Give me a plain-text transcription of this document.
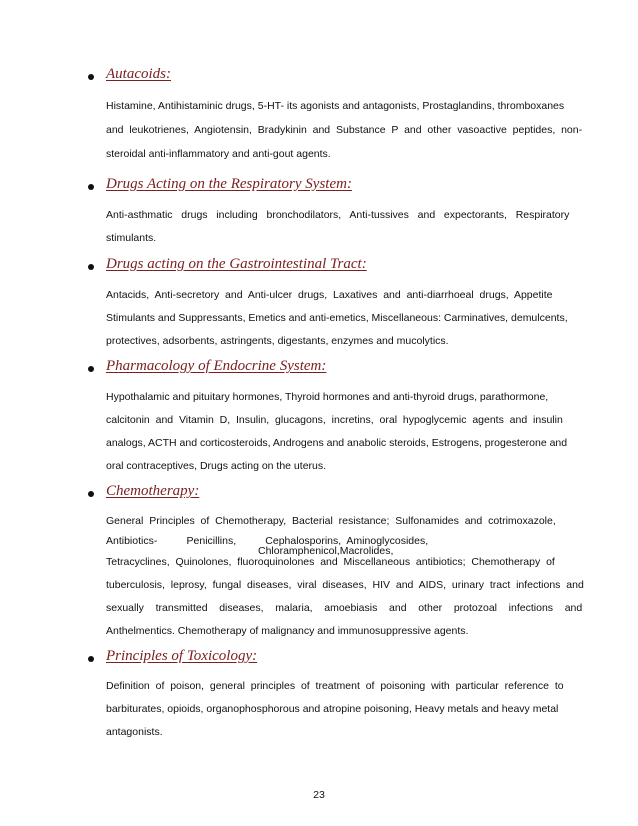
Autacoids:
Histamine, Antihistaminic drugs, 5-HT- its agonists and antagonists, Prostaglandins, thromboxanes
and  leukotrienes,  Angiotensin,  Bradykinin  and  Substance  P  and  other  vasoactive  peptides,  non-
steroidal anti-inflammatory and anti-gout agents.
Drugs Acting on the Respiratory System:
Anti-asthmatic   drugs   including   bronchodilators,   Anti-tussives   and   expectorants,   Respiratory
stimulants.
Drugs acting on the Gastrointestinal Tract:
Antacids,  Anti-secretory  and  Anti-ulcer  drugs,  Laxatives  and  anti-diarrhoeal  drugs,  Appetite
Stimulants and Suppressants, Emetics and anti-emetics, Miscellaneous: Carminatives, demulcents,
protectives, adsorbents, astringents, digestants, enzymes and mucolytics.
Pharmacology of Endocrine System:
Hypothalamic and pituitary hormones, Thyroid hormones and anti-thyroid drugs, parathormone,
calcitonin  and  Vitamin  D,  Insulin,  glucagons,  incretins,  oral  hypoglycemic  agents  and  insulin
analogs, ACTH and corticosteroids, Androgens and anabolic steroids, Estrogens, progesterone and
oral contraceptives, Drugs acting on the uterus.
Chemotherapy:
General  Principles  of  Chemotherapy,  Bacterial  resistance;  Sulfonamides  and  cotrimoxazole,
Antibiotics-          Penicillins,          Cephalosporins,  Aminoglycosides,
Chloramphenicol,Macrolides,
Tetracyclines,  Quinolones,  fluoroquinolones  and  Miscellaneous  antibiotics;  Chemotherapy  of
tuberculosis,  leprosy,  fungal  diseases,  viral  diseases,  HIV  and  AIDS,  urinary  tract  infections  and
sexually    transmitted    diseases,    malaria,    amoebiasis    and    other    protozoal    infections    and
Anthelmentics. Chemotherapy of malignancy and immunosuppressive agents.
Principles of Toxicology:
Definition  of  poison,  general  principles  of  treatment  of  poisoning  with  particular  reference  to
barbiturates, opioids, organophosphorous and atropine poisoning, Heavy metals and heavy metal
antagonists.
23
